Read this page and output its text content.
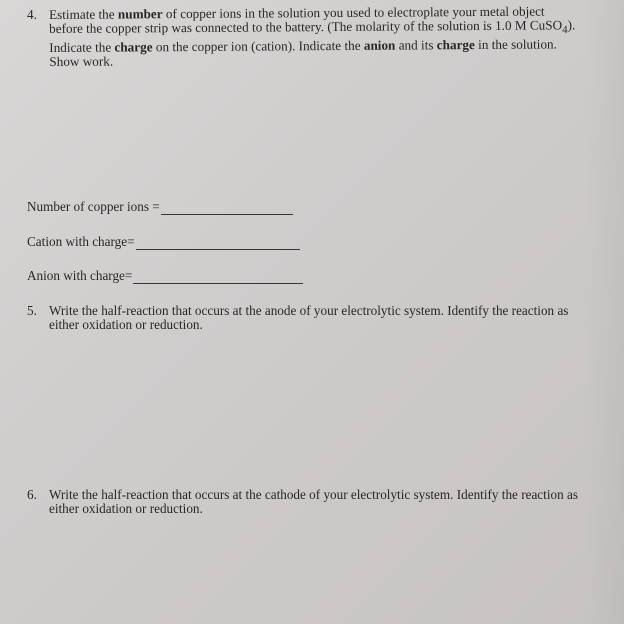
4. Estimate the number of copper ions in the solution you used to electroplate your metal object before the copper strip was connected to the battery. (The molarity of the solution is 1.0 M CuSO$_4$). Indicate the charge on the copper ion (cation). Indicate the anion and its charge in the solution. Show work.

Number of copper ions =
Cation with charge=
Anion with charge=
5. Write the half-reaction that occurs at the anode of your electrolytic system. Identify the reaction as either oxidation or reduction.

6. Write the half-reaction that occurs at the cathode of your electrolytic system. Identify the reaction as either oxidation or reduction.
